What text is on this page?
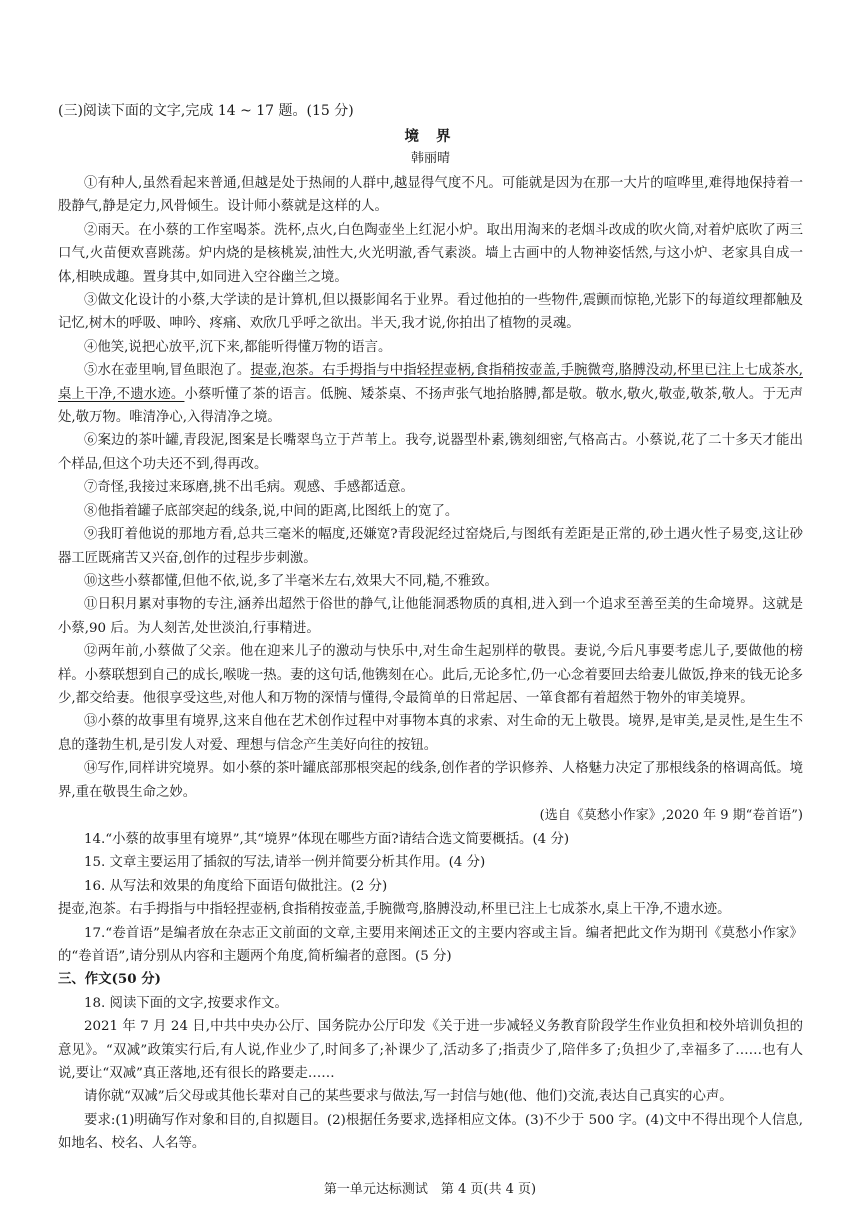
(三)阅读下面的文字,完成 14 ~ 17 题。(15 分)
境 界
韩丽晴
①有种人,虽然看起来普通,但越是处于热闹的人群中,越显得气度不凡。可能就是因为在那一大片的喧哗里,难得地保持着一股静气,静是定力,风骨倾生。设计师小蔡就是这样的人。
②雨天。在小蔡的工作室喝茶。洗杯,点火,白色陶壶坐上红泥小炉。取出用淘来的老烟斗改成的吹火筒,对着炉底吹了两三口气,火苗便欢喜跳荡。炉内烧的是核桃炭,油性大,火光明澈,香气素淡。墙上古画中的人物神姿恬然,与这小炉、老家具自成一体,相映成趣。置身其中,如同进入空谷幽兰之境。
③做文化设计的小蔡,大学读的是计算机,但以摄影闻名于业界。看过他拍的一些物件,震颤而惊艳,光影下的每道纹理都触及记忆,树木的呼吸、呻吟、疼痛、欢欣几乎呼之欲出。半天,我才说,你拍出了植物的灵魂。
④他笑,说把心放平,沉下来,都能听得懂万物的语言。
⑤水在壶里响,冒鱼眼泡了。提壶,泡茶。右手拇指与中指轻捏壶柄,食指稍按壶盖,手腕微弯,胳膊没动,杯里已注上七成茶水,桌上干净,不遗水迹。小蔡听懂了茶的语言。低腕、矮茶桌、不扬声张气地抬胳膊,都是敬。敬水,敬火,敬壶,敬茶,敬人。于无声处,敬万物。唯清净心,入得清净之境。
⑥案边的茶叶罐,青段泥,图案是长嘴翠鸟立于芦苇上。我夸,说器型朴素,镌刻细密,气格高古。小蔡说,花了二十多天才能出个样品,但这个功夫还不到,得再改。
⑦奇怪,我接过来琢磨,挑不出毛病。观感、手感都适意。
⑧他指着罐子底部突起的线条,说,中间的距离,比图纸上的宽了。
⑨我盯着他说的那地方看,总共三毫米的幅度,还嫌宽?青段泥经过窑烧后,与图纸有差距是正常的,砂土遇火性子易变,这让砂器工匠既痛苦又兴奋,创作的过程步步刺激。
⑩这些小蔡都懂,但他不依,说,多了半毫米左右,效果大不同,糙,不雅致。
⑪日积月累对事物的专注,涵养出超然于俗世的静气,让他能洞悉物质的真相,进入到一个追求至善至美的生命境界。这就是小蔡,90 后。为人刻苦,处世淡泊,行事精进。
⑫两年前,小蔡做了父亲。他在迎来儿子的激动与快乐中,对生命生起别样的敬畏。妻说,今后凡事要考虑儿子,要做他的榜样。小蔡联想到自己的成长,喉咙一热。妻的这句话,他镌刻在心。此后,无论多忙,仍一心念着要回去给妻儿做饭,挣来的钱无论多少,都交给妻。他很享受这些,对他人和万物的深情与懂得,令最简单的日常起居、一箪食都有着超然于物外的审美境界。
⑬小蔡的故事里有境界,这来自他在艺术创作过程中对事物本真的求索、对生命的无上敬畏。境界,是审美,是灵性,是生生不息的蓬勃生机,是引发人对爱、理想与信念产生美好向往的按钮。
⑭写作,同样讲究境界。如小蔡的茶叶罐底部那根突起的线条,创作者的学识修养、人格魅力决定了那根线条的格调高低。境界,重在敬畏生命之妙。
(选自《莫愁小作家》,2020 年 9 期“卷首语”)
14.“小蔡的故事里有境界”,其“境界”体现在哪些方面?请结合选文简要概括。(4 分)
15. 文章主要运用了插叙的写法,请举一例并简要分析其作用。(4 分)
16. 从写法和效果的角度给下面语句做批注。(2 分)
提壶,泡茶。右手拇指与中指轻捏壶柄,食指稍按壶盖,手腕微弯,胳膊没动,杯里已注上七成茶水,桌上干净,不遗水迹。
17.“卷首语”是编者放在杂志正文前面的文章,主要用来阐述正文的主要内容或主旨。编者把此文作为期刊《莫愁小作家》的“卷首语”,请分别从内容和主题两个角度,简析编者的意图。(5 分)
三、作文(50 分)
18. 阅读下面的文字,按要求作文。
2021 年 7 月 24 日,中共中央办公厅、国务院办公厅印发《关于进一步减轻义务教育阶段学生作业负担和校外培训负担的意见》。“双减”政策实行后,有人说,作业少了,时间多了;补课少了,活动多了;指责少了,陪伴多了;负担少了,幸福多了……也有人说,要让“双减”真正落地,还有很长的路要走……
请你就“双减”后父母或其他长辈对自己的某些要求与做法,写一封信与她(他、他们)交流,表达自己真实的心声。
要求:(1)明确写作对象和目的,自拟题目。(2)根据任务要求,选择相应文体。(3)不少于 500 字。(4)文中不得出现个人信息,如地名、校名、人名等。
第一单元达标测试　第 4 页(共 4 页)
